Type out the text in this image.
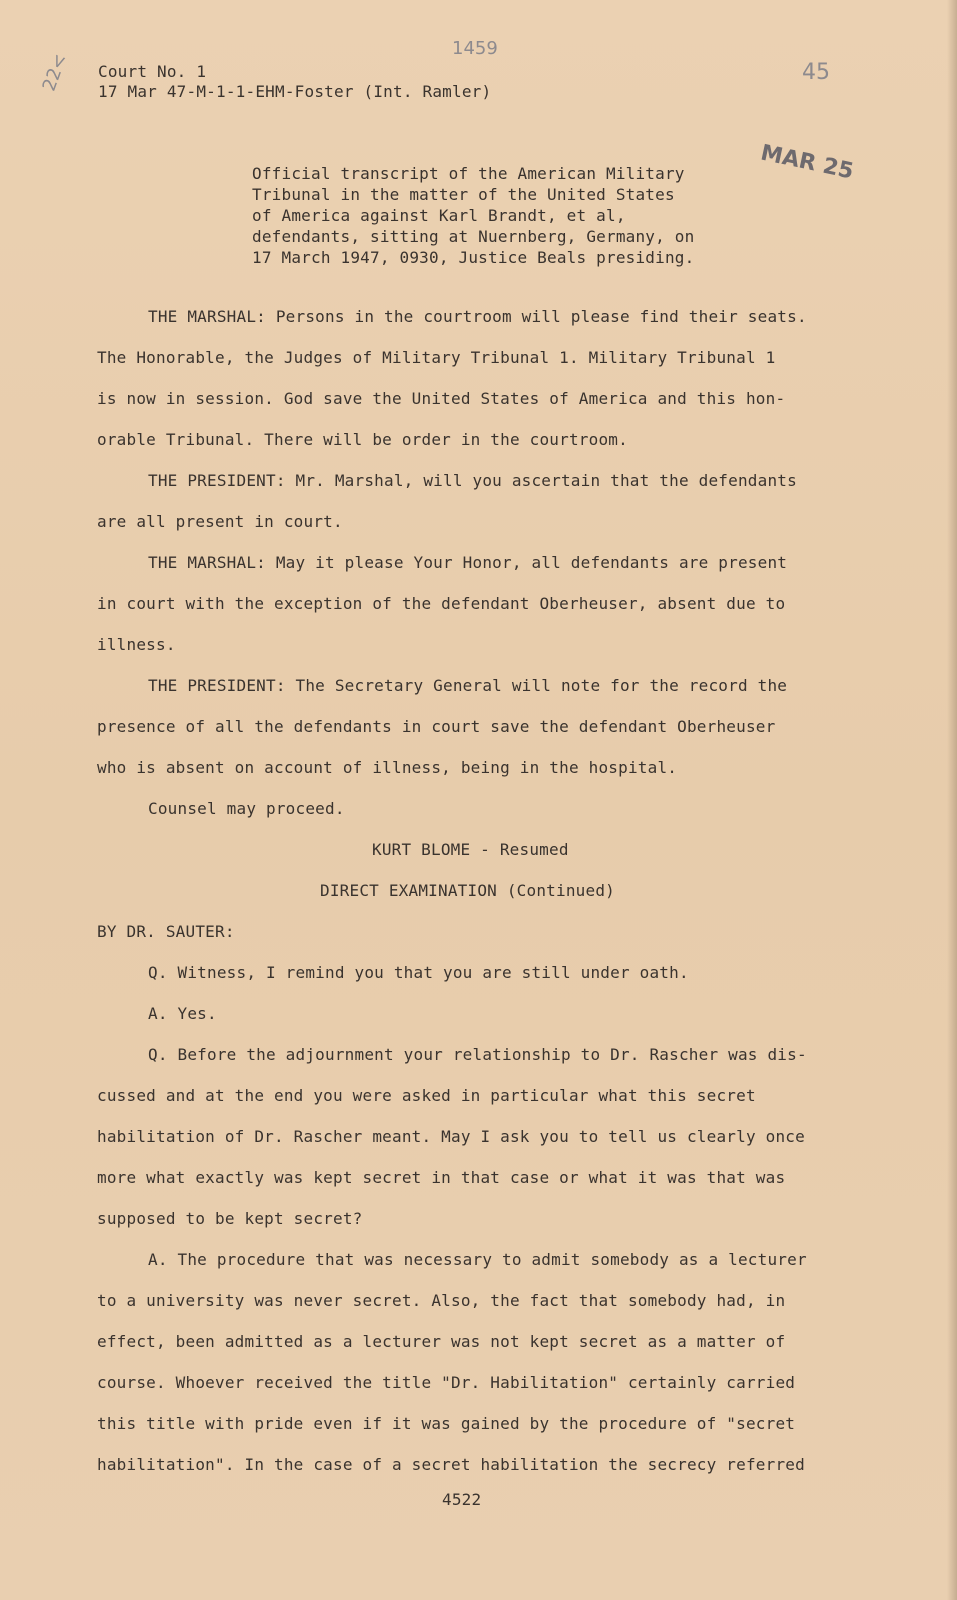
22<
1459
45
MAR 25
Court No. 1
17 Mar 47-M-1-1-EHM-Foster (Int. Ramler)
Official transcript of the American Military
Tribunal in the matter of the United States
of America against Karl Brandt, et al,
defendants, sitting at Nuernberg, Germany, on
17 March 1947, 0930, Justice Beals presiding.
THE MARSHAL: Persons in the courtroom will please find their seats.
The Honorable, the Judges of Military Tribunal 1. Military Tribunal 1
is now in session. God save the United States of America and this hon-
orable Tribunal. There will be order in the courtroom.
THE PRESIDENT: Mr. Marshal, will you ascertain that the defendants
are all present in court.
THE MARSHAL: May it please Your Honor, all defendants are present
in court with the exception of the defendant Oberheuser, absent due to
illness.
THE PRESIDENT: The Secretary General will note for the record the
presence of all the defendants in court save the defendant Oberheuser
who is absent on account of illness, being in the hospital.
Counsel may proceed.
KURT BLOME - Resumed
DIRECT EXAMINATION (Continued)
BY DR. SAUTER:
Q. Witness, I remind you that you are still under oath.
A. Yes.
Q. Before the adjournment your relationship to Dr. Rascher was dis-
cussed and at the end you were asked in particular what this secret
habilitation of Dr. Rascher meant. May I ask you to tell us clearly once
more what exactly was kept secret in that case or what it was that was
supposed to be kept secret?
A. The procedure that was necessary to admit somebody as a lecturer
to a university was never secret. Also, the fact that somebody had, in
effect, been admitted as a lecturer was not kept secret as a matter of
course. Whoever received the title "Dr. Habilitation" certainly carried
this title with pride even if it was gained by the procedure of "secret
habilitation". In the case of a secret habilitation the secrecy referred
4522
